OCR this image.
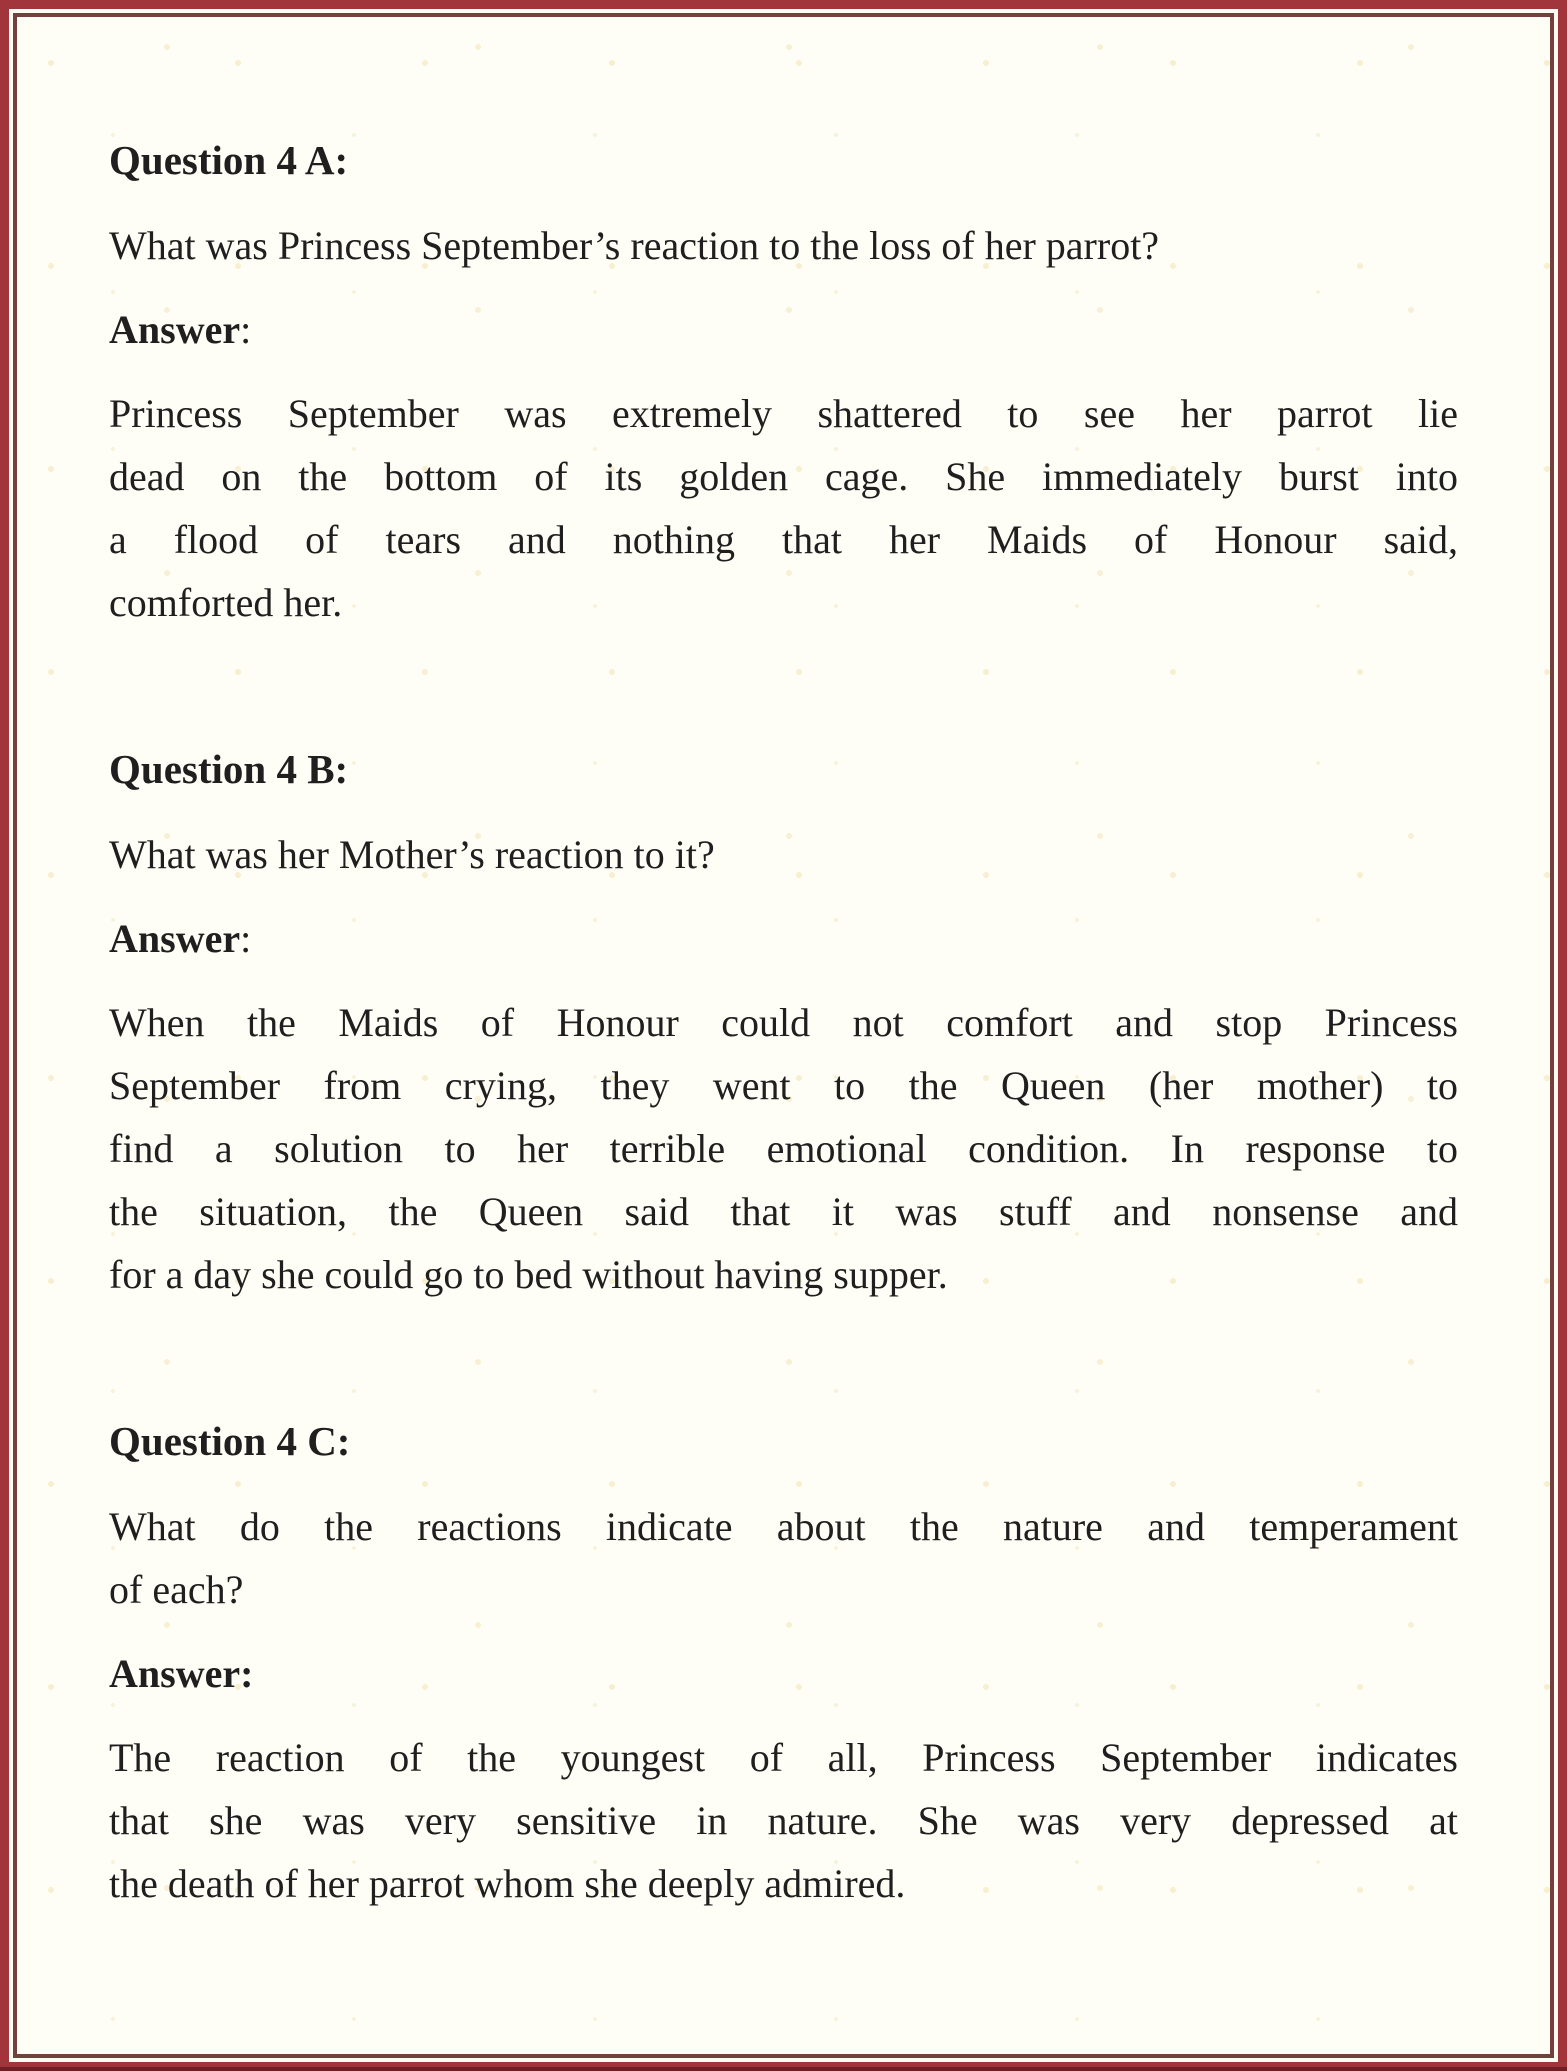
Question 4 A:
What was Princess September’s reaction to the loss of her parrot?
Answer:
Princess September was extremely shattered to see her parrot lie
dead on the bottom of its golden cage. She immediately burst into
a flood of tears and nothing that her Maids of Honour said,
comforted her.
Question 4 B:
What was her Mother’s reaction to it?
Answer:
When the Maids of Honour could not comfort and stop Princess
September from crying, they went to the Queen (her mother) to
find a solution to her terrible emotional condition. In response to
the situation, the Queen said that it was stuff and nonsense and
for a day she could go to bed without having supper.
Question 4 C:
What do the reactions indicate about the nature and temperament
of each?
Answer:
The reaction of the youngest of all, Princess September indicates
that she was very sensitive in nature. She was very depressed at
the death of her parrot whom she deeply admired.
